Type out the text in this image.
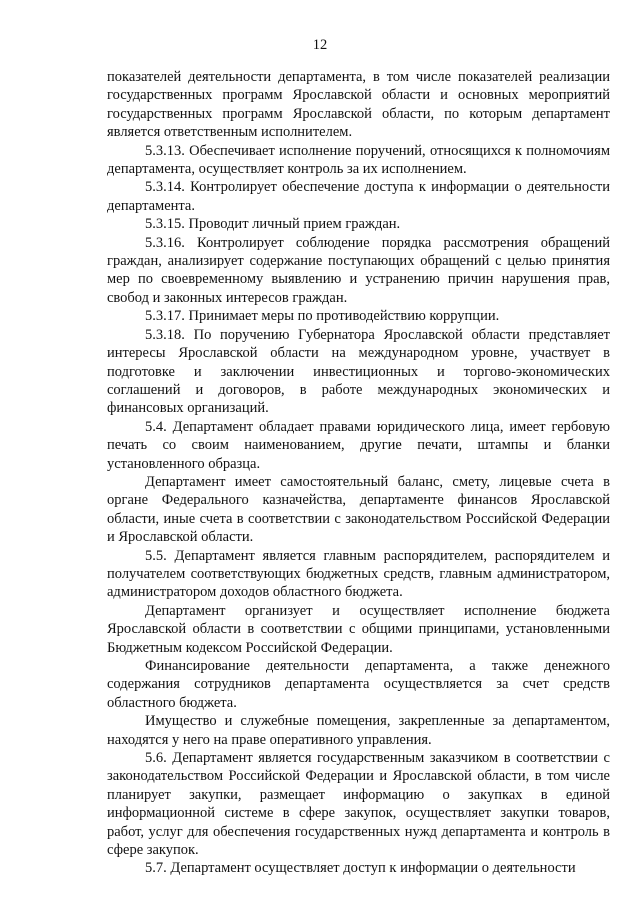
12

показателей деятельности департамента, в том числе показателей реализации государственных программ Ярославской области и основных мероприятий государственных программ Ярославской области, по которым департамент является ответственным исполнителем.

5.3.13. Обеспечивает исполнение поручений, относящихся к полномочиям департамента, осуществляет контроль за их исполнением.

5.3.14. Контролирует обеспечение доступа к информации о деятельности департамента.

5.3.15. Проводит личный прием граждан.

5.3.16. Контролирует соблюдение порядка рассмотрения обращений граждан, анализирует содержание поступающих обращений с целью принятия мер по своевременному выявлению и устранению причин нарушения прав, свобод и законных интересов граждан.

5.3.17. Принимает меры по противодействию коррупции.

5.3.18. По поручению Губернатора Ярославской области представляет интересы Ярославской области на международном уровне, участвует в подготовке и заключении инвестиционных и торгово-экономических соглашений и договоров, в работе международных экономических и финансовых организаций.

5.4. Департамент обладает правами юридического лица, имеет гербовую печать со своим наименованием, другие печати, штампы и бланки установленного образца.

Департамент имеет самостоятельный баланс, смету, лицевые счета в органе Федерального казначейства, департаменте финансов Ярославской области, иные счета в соответствии с законодательством Российской Федерации и Ярославской области.

5.5. Департамент является главным распорядителем, распорядителем и получателем соответствующих бюджетных средств, главным администратором, администратором доходов областного бюджета.

Департамент организует и осуществляет исполнение бюджета Ярославской области в соответствии с общими принципами, установленными Бюджетным кодексом Российской Федерации.

Финансирование деятельности департамента, а также денежного содержания сотрудников департамента осуществляется за счет средств областного бюджета.

Имущество и служебные помещения, закрепленные за департаментом, находятся у него на праве оперативного управления.

5.6. Департамент является государственным заказчиком в соответствии с законодательством Российской Федерации и Ярославской области, в том числе планирует закупки, размещает информацию о закупках в единой информационной системе в сфере закупок, осуществляет закупки товаров, работ, услуг для обеспечения государственных нужд департамента и контроль в сфере закупок.

5.7. Департамент осуществляет доступ к информации о деятельности
